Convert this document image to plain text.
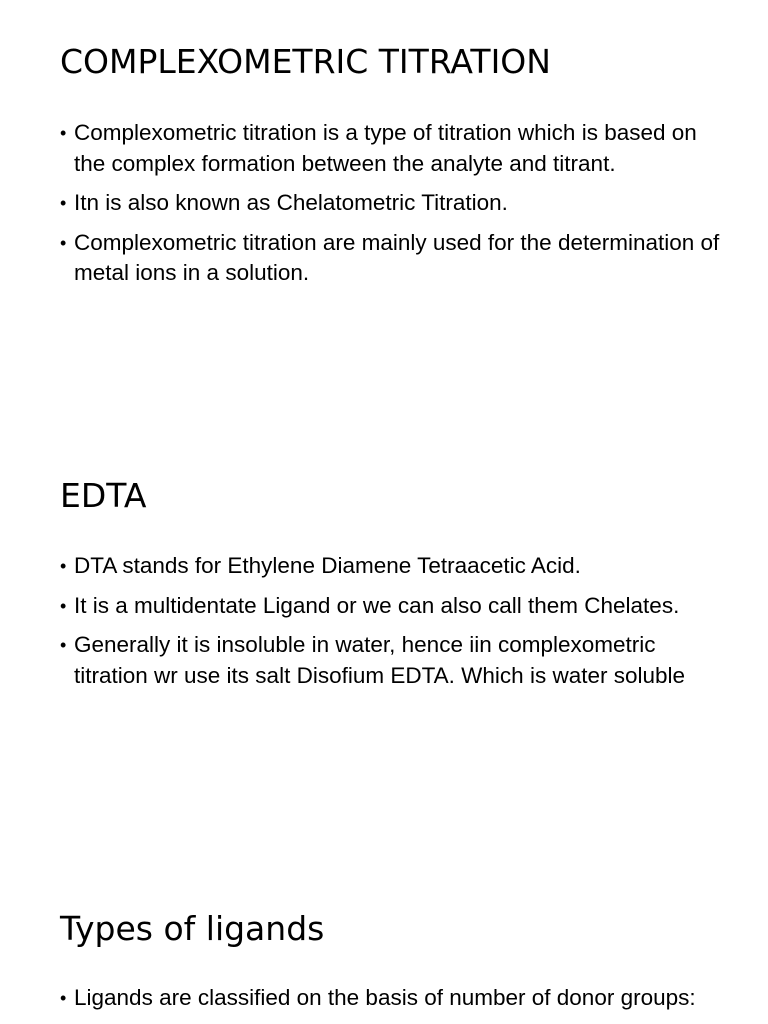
COMPLEXOMETRIC TITRATION
• Complexometric titration is a type of titration which is based on the complex formation between the analyte and titrant.
• Itn is also known as Chelatometric Titration.
• Complexometric titration are mainly used for the determination of metal ions in a solution.
EDTA
• DTA stands for Ethylene Diamene Tetraacetic Acid.
• It is a multidentate Ligand or we can also call them Chelates.
• Generally it is insoluble in water, hence iin complexometric titration wr use its salt Disofium EDTA. Which is water soluble
Types of ligands
• Ligands are classified on the basis of number of donor groups:
